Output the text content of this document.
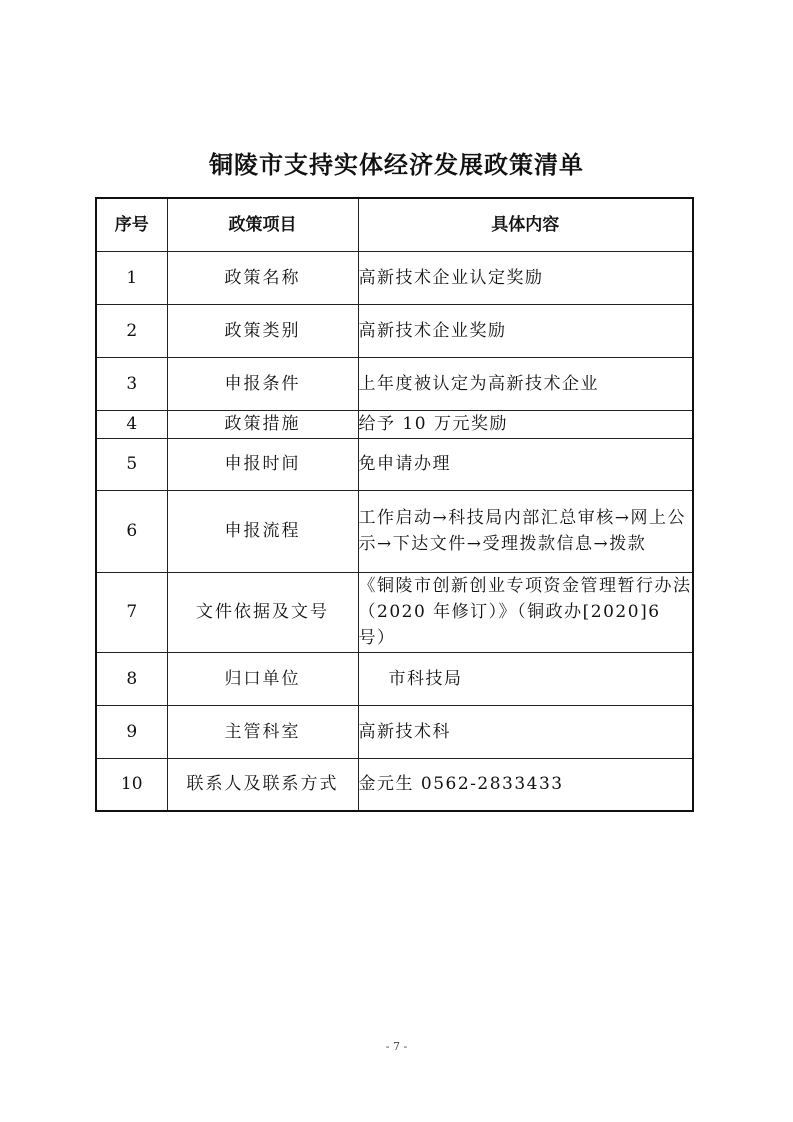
铜陵市支持实体经济发展政策清单
序号	政策项目	具体内容
1	政策名称	高新技术企业认定奖励
2	政策类别	高新技术企业奖励
3	申报条件	上年度被认定为高新技术企业
4	政策措施	给予 10 万元奖励
5	申报时间	免申请办理
6	申报流程	工作启动→科技局内部汇总审核→网上公示→下达文件→受理拨款信息→拨款
7	文件依据及文号	《铜陵市创新创业专项资金管理暂行办法（2020 年修订）》（铜政办[2020]6 号）
8	归口单位	市科技局
9	主管科室	高新技术科
10	联系人及联系方式	金元生 0562-2833433
- 7 -
